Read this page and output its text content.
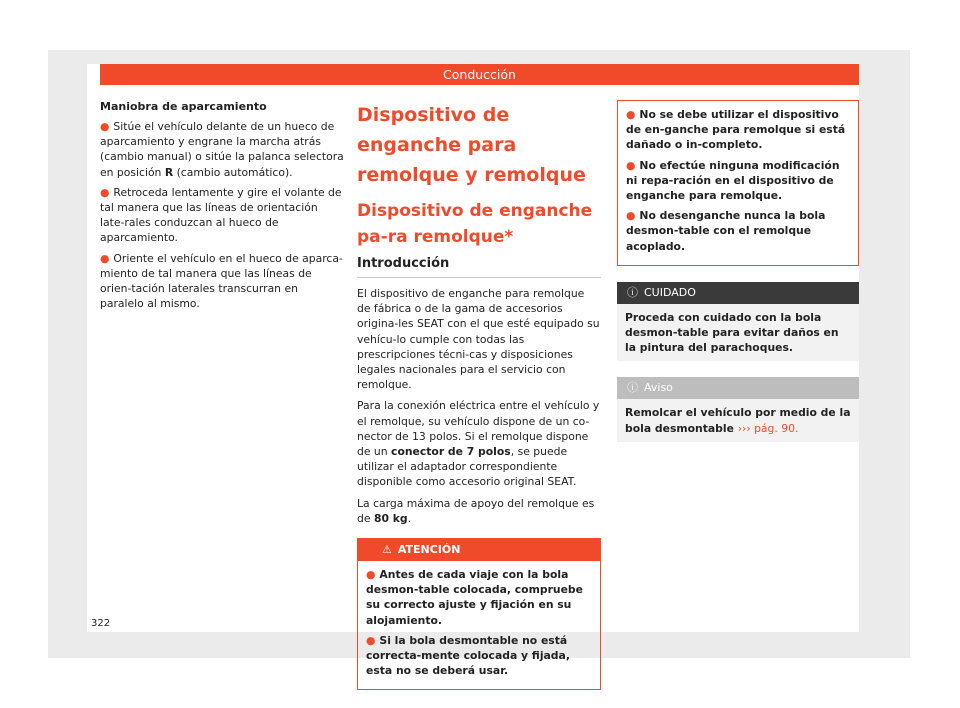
Conducción
Maniobra de aparcamiento
● Sitúe el vehículo delante de un hueco de aparcamiento y engrane la marcha atrás (cambio manual) o sitúe la palanca selectora en posición R (cambio automático).
● Retroceda lentamente y gire el volante de tal manera que las líneas de orientación late-rales conduzcan al hueco de aparcamiento.
● Oriente el vehículo en el hueco de aparca-miento de tal manera que las líneas de orien-tación laterales transcurran en paralelo al mismo.
Dispositivo de enganche para remolque y remolque
Dispositivo de enganche pa-ra remolque*
Introducción
El dispositivo de enganche para remolque de fábrica o de la gama de accesorios origina-les SEAT con el que esté equipado su vehícu-lo cumple con todas las prescripciones técni-cas y disposiciones legales nacionales para el servicio con remolque.
Para la conexión eléctrica entre el vehículo y el remolque, su vehículo dispone de un co-nector de 13 polos. Si el remolque dispone de un conector de 7 polos, se puede utilizar el adaptador correspondiente disponible como accesorio original SEAT.
La carga máxima de apoyo del remolque es de 80 kg.
⚠ ATENCIÓN
● Antes de cada viaje con la bola desmon-table colocada, compruebe su correcto ajuste y fijación en su alojamiento.
● Si la bola desmontable no está correcta-mente colocada y fijada, esta no se deberá usar.
● No se debe utilizar el dispositivo de en-ganche para remolque si está dañado o in-completo.
● No efectúe ninguna modificación ni repa-ración en el dispositivo de enganche para remolque.
● No desenganche nunca la bola desmon-table con el remolque acoplado.
ⓘ CUIDADO
Proceda con cuidado con la bola desmon-table para evitar daños en la pintura del parachoques.
ⓘ Aviso
Remolcar el vehículo por medio de la bola desmontable ››› pág. 90.
322
